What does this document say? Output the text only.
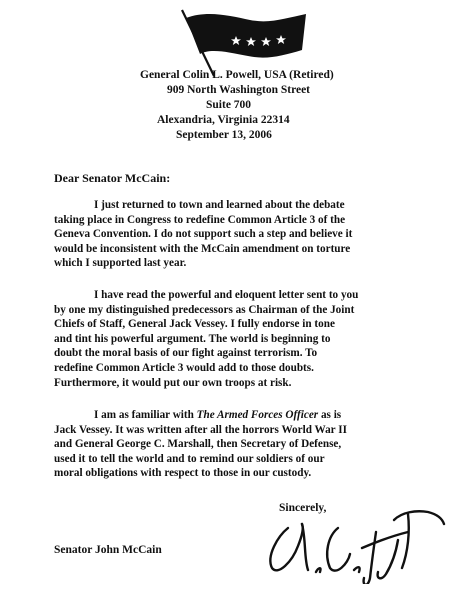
General Colin L. Powell, USA (Retired)
909 North Washington Street
Suite 700
Alexandria, Virginia 22314
September 13, 2006
Dear Senator McCain:
I just returned to town and learned about the debate
taking place in Congress to redefine Common Article 3 of the
Geneva Convention. I do not support such a step and believe it
would be inconsistent with the McCain amendment on torture
which I supported last year.
I have read the powerful and eloquent letter sent to you
by one my distinguished predecessors as Chairman of the Joint
Chiefs of Staff, General Jack Vessey. I fully endorse in tone
and tint his powerful argument. The world is beginning to
doubt the moral basis of our fight against terrorism. To
redefine Common Article 3 would add to those doubts.
Furthermore, it would put our own troops at risk.
I am as familiar with The Armed Forces Officer as is
Jack Vessey. It was written after all the horrors World War II
and General George C. Marshall, then Secretary of Defense,
used it to tell the world and to remind our soldiers of our
moral obligations with respect to those in our custody.
Sincerely,
Senator John McCain
